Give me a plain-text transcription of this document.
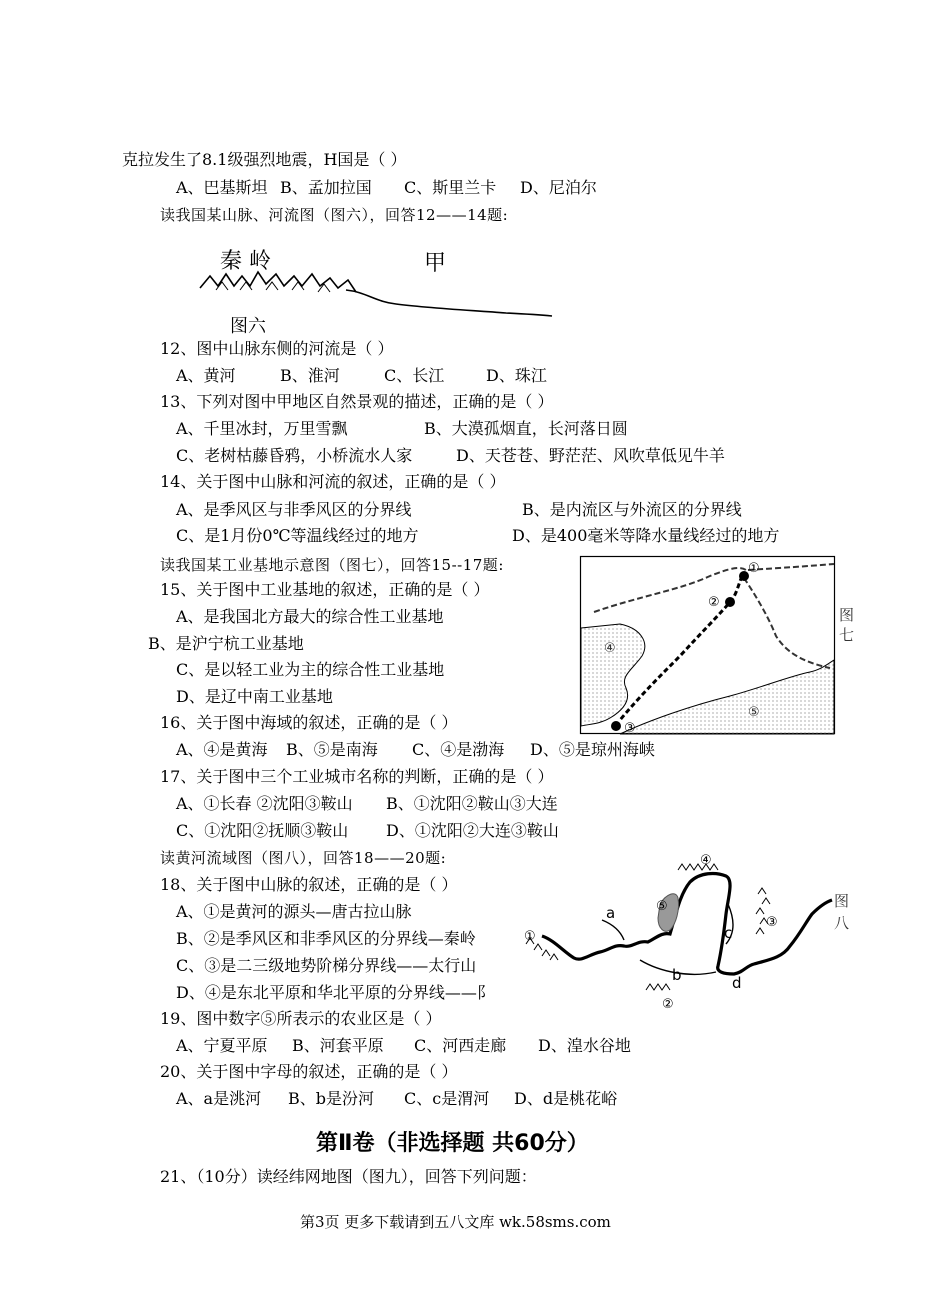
克拉发生了8.1级强烈地震，H国是（ ）
A、巴基斯坦 B、孟加拉国 C、斯里兰卡 D、尼泊尔
读我国某山脉、河流图（图六），回答12——14题:
秦 岭	甲
图六
12、图中山脉东侧的河流是（ ）
A、黄河	B、淮河	C、长江	D、珠江
13、下列对图中甲地区自然景观的描述，正确的是（ ）
A、千里冰封，万里雪飘	B、大漠孤烟直，长河落日圆
C、老树枯藤昏鸦，小桥流水人家	D、天苍苍、野茫茫、风吹草低见牛羊
14、关于图中山脉和河流的叙述，正确的是（ ）
A、是季风区与非季风区的分界线	B、是内流区与外流区的分界线
C、是1月份0℃等温线经过的地方	D、是400毫米等降水量线经过的地方
读我国某工业基地示意图（图七），回答15--17题:	①
②
③
④
⑤
图
七
15、关于图中工业基地的叙述，正确的是（ ）
A、是我国北方最大的综合性工业基地
B、是沪宁杭工业基地
C、是以轻工业为主的综合性工业基地
D、是辽中南工业基地
16、关于图中海域的叙述，正确的是（ ）
A、④是黄海 B、⑤是南海 C、④是渤海 D、⑤是琼州海峡
17、关于图中三个工业城市名称的判断，正确的是（ ）
A、①长春 ②沈阳③鞍山 B、①沈阳②鞍山③大连
C、①沈阳②抚顺③鞍山 D、①沈阳②大连③鞍山
读黄河流域图（图八），回答18——20题:
①
②
③
④
⑤
a
b
c
d
图
八
18、关于图中山脉的叙述，正确的是（ ）
A、①是黄河的源头—唐古拉山脉
B、②是季风区和非季风区的分界线—秦岭
C、③是二三级地势阶梯分界线——太行山
D、④是东北平原和华北平原的分界线——阝
19、图中数字⑤所表示的农业区是（ ）
A、宁夏平原 B、河套平原 C、河西走廊 D、湟水谷地
20、关于图中字母的叙述，正确的是（ ）
A、a是洮河 B、b是汾河 C、c是渭河 D、d是桃花峪
第Ⅱ卷（非选择题 共60分）
21、（10分）读经纬网地图（图九），回答下列问题：
第3页 更多下载请到五八文库 wk.58sms.com
